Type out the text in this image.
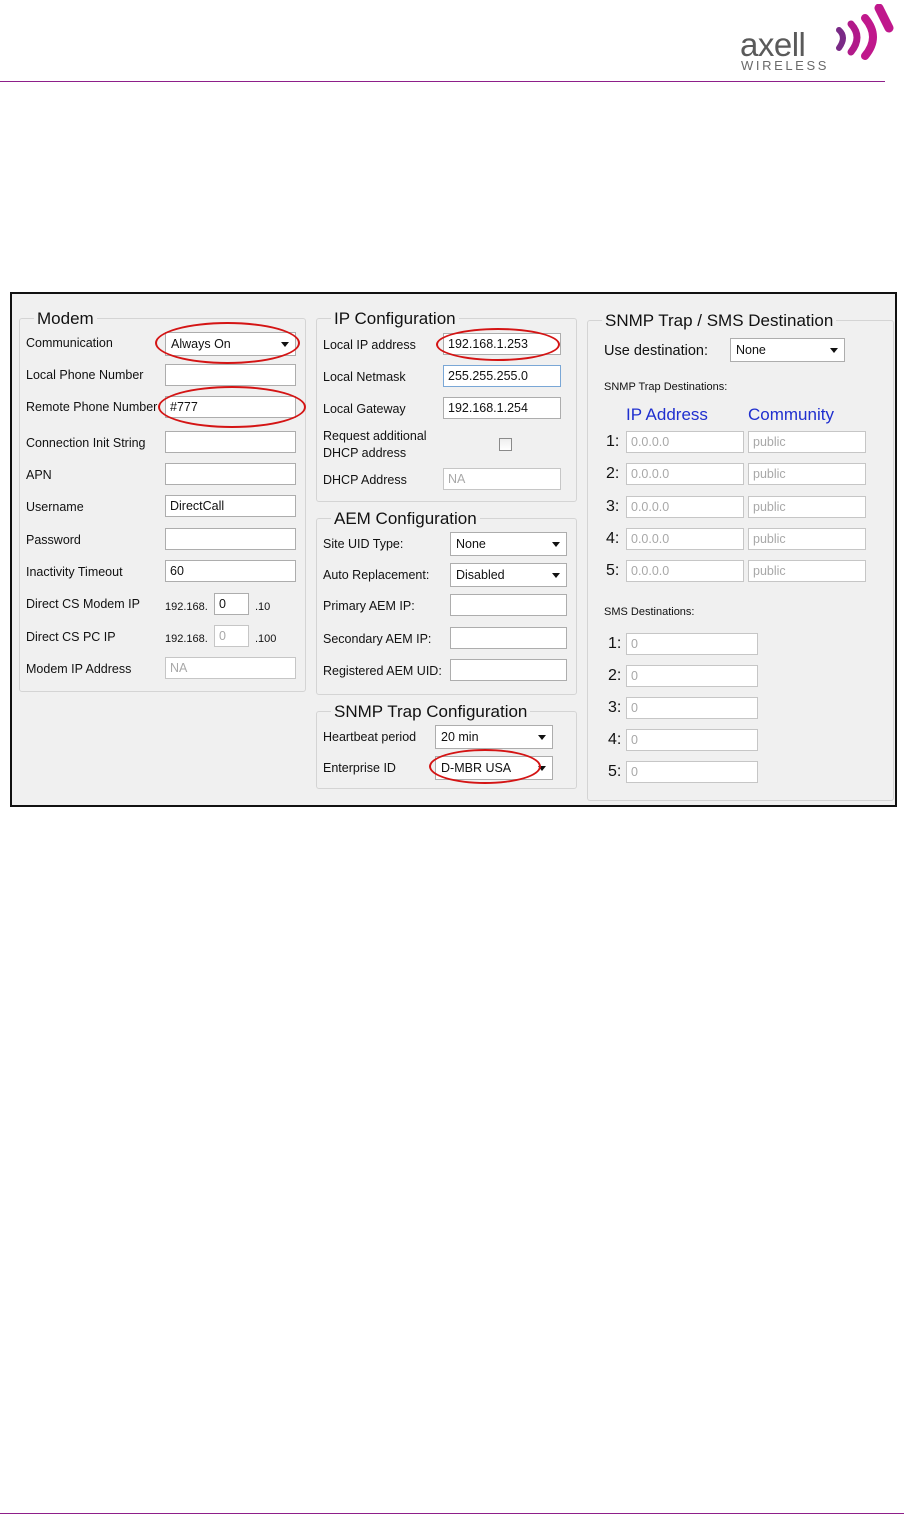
axell
WIRELESS
Modem
Communication	Always On
Local Phone Number
Remote Phone Number	#777
Connection Init String
APN
Username	DirectCall
Password
Inactivity Timeout	60
Direct CS Modem IP 192.168. 0	.10
Direct CS PC IP	192.168. 0	.100
Modem IP Address	NA
IP Configuration
Local IP address	192.168.1.253
Local Netmask	255.255.255.0
Local Gateway	192.168.1.254
Request additional
DHCP address
DHCP Address	NA
AEM Configuration
Site UID Type:	None
Auto Replacement:	Disabled
Primary AEM IP:
Secondary AEM IP:
Registered AEM UID:
SNMP Trap Configuration
Heartbeat period	20 min
Enterprise ID	D-MBR USA
SNMP Trap / SMS Destination
Use destination:	None
SNMP Trap Destinations:
IP Address Community
1: 0.0.0.0	public
2: 0.0.0.0	public
3: 0.0.0.0	public
4: 0.0.0.0	public
5: 0.0.0.0	public
SMS Destinations:
1: 0
2: 0
3: 0
4: 0
5: 0
